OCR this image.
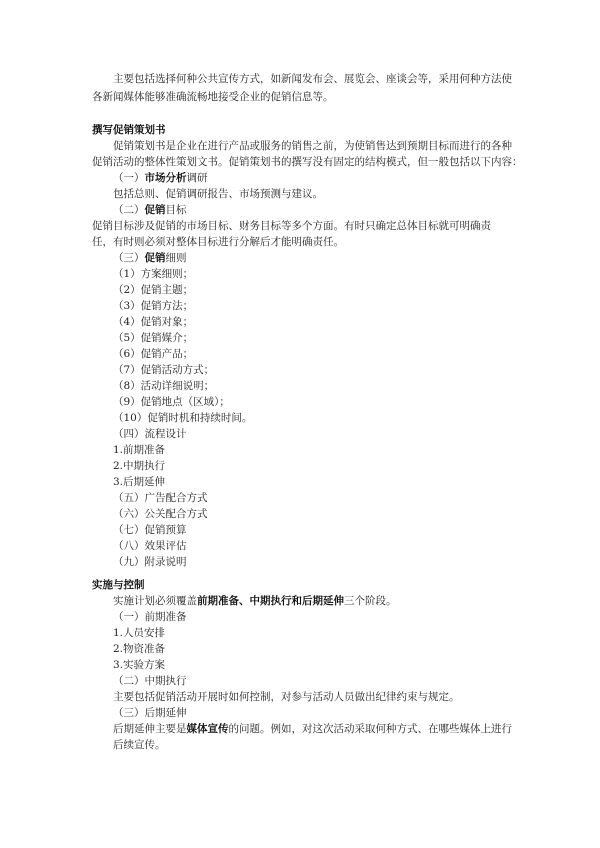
主要包括选择何种公共宣传方式，如新闻发布会、展览会、座谈会等，采用何种方法使
各新闻媒体能够准确流畅地接受企业的促销信息等。
撰写促销策划书
促销策划书是企业在进行产品或服务的销售之前，为使销售达到预期目标而进行的各种
促销活动的整体性策划文书。促销策划书的撰写没有固定的结构模式，但一般包括以下内容：
（一）市场分析调研
包括总则、促销调研报告、市场预测与建议。
（二）促销目标
促销目标涉及促销的市场目标、财务目标等多个方面。有时只确定总体目标就可明确责
任，有时则必须对整体目标进行分解后才能明确责任。
（三）促销细则
（1）方案细则；
（2）促销主题；
（3）促销方法；
（4）促销对象；
（5）促销媒介；
（6）促销产品；
（7）促销活动方式；
（8）活动详细说明；
（9）促销地点（区域）；
（10）促销时机和持续时间。
（四）流程设计
1.前期准备
2.中期执行
3.后期延伸
（五）广告配合方式
（六）公关配合方式
（七）促销预算
（八）效果评估
（九）附录说明
实施与控制
实施计划必须覆盖前期准备、中期执行和后期延伸三个阶段。
（一）前期准备
1.人员安排
2.物资准备
3.实验方案
（二）中期执行
主要包括促销活动开展时如何控制，对参与活动人员做出纪律约束与规定。
（三）后期延伸
后期延伸主要是媒体宣传的问题。例如，对这次活动采取何种方式、在哪些媒体上进行
后续宣传。
